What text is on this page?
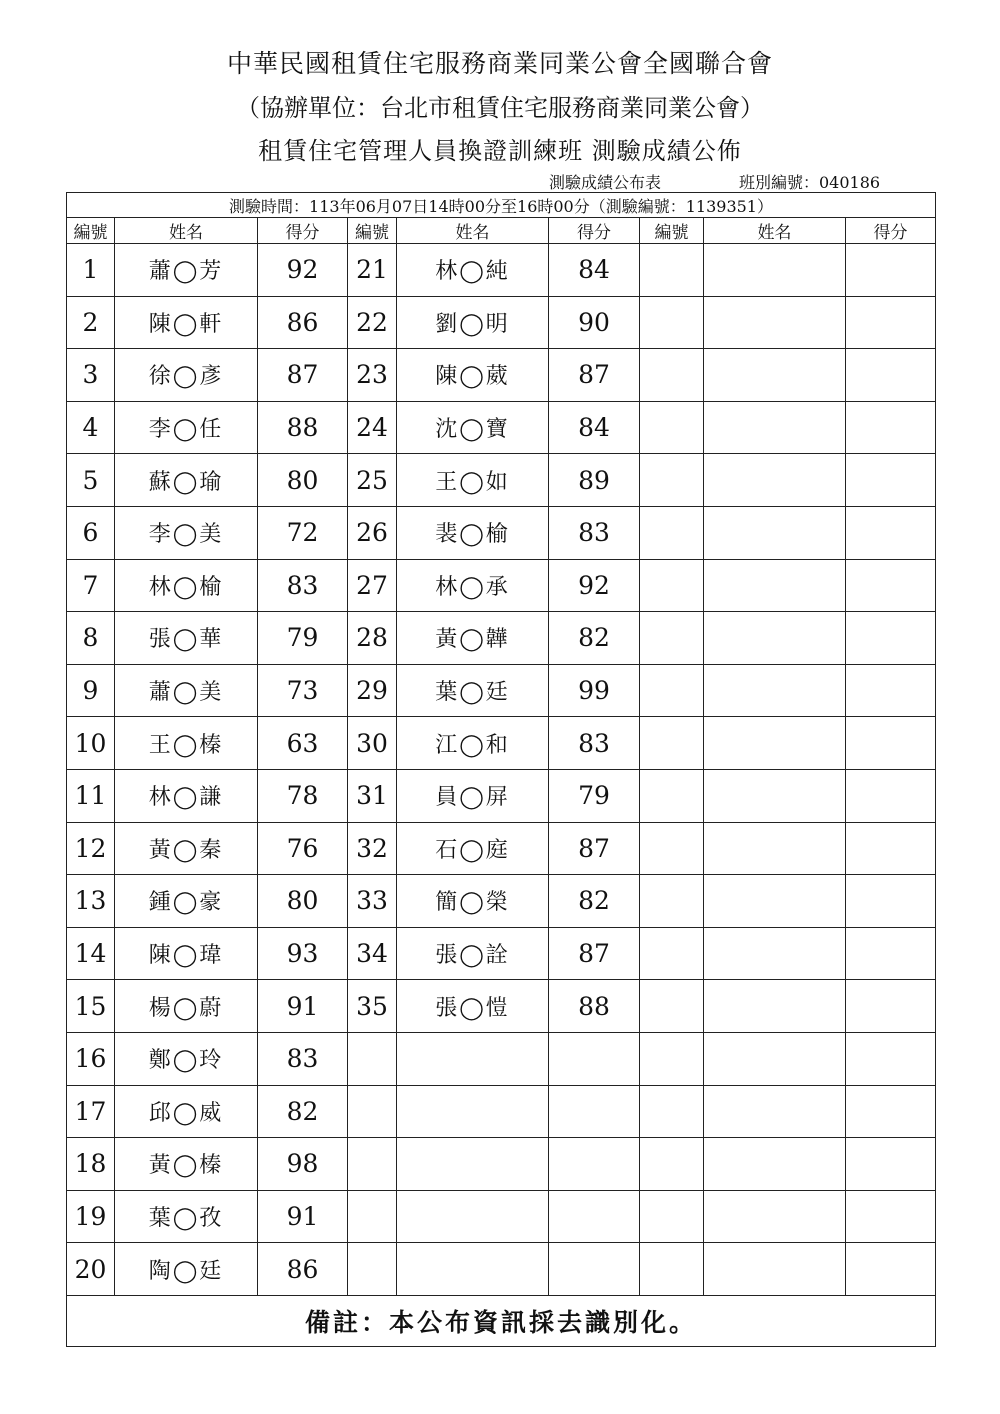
中華民國租賃住宅服務商業同業公會全國聯合會
（協辦單位：台北市租賃住宅服務商業同業公會）
租賃住宅管理人員換證訓練班 測驗成績公佈
測驗成績公布表	班別編號：040186
測驗時間：113年06月07日14時00分至16時00分（測驗編號：1139351）								
編號	姓名	得分	編號	姓名	得分	編號	姓名	得分
1	蕭◯芳	92	21	林◯純	84			
2	陳◯軒	86	22	劉◯明	90			
3	徐◯彥	87	23	陳◯葳	87			
4	李◯任	88	24	沈◯寶	84			
5	蘇◯瑜	80	25	王◯如	89			
6	李◯美	72	26	裴◯榆	83			
7	林◯榆	83	27	林◯承	92			
8	張◯華	79	28	黃◯韡	82			
9	蕭◯美	73	29	葉◯廷	99			
10	王◯榛	63	30	江◯和	83			
11	林◯謙	78	31	員◯屏	79			
12	黃◯秦	76	32	石◯庭	87			
13	鍾◯豪	80	33	簡◯榮	82			
14	陳◯瑋	93	34	張◯詮	87			
15	楊◯蔚	91	35	張◯愷	88			
16	鄭◯玲	83						
17	邱◯威	82						
18	黃◯榛	98						
19	葉◯孜	91						
20	陶◯廷	86						
備註：本公布資訊採去識別化。								
